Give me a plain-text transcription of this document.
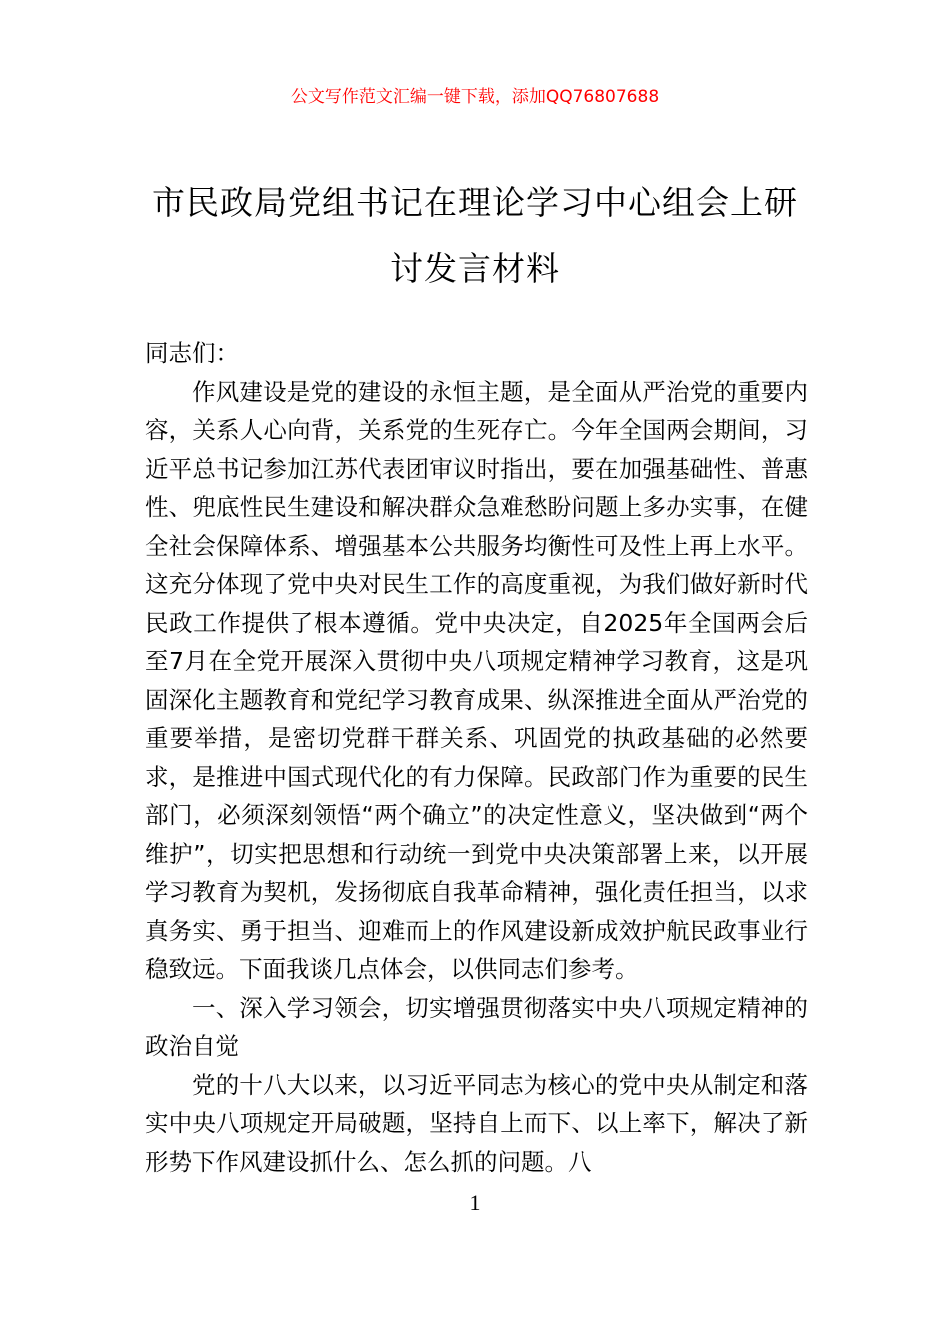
公文写作范文汇编一键下载，添加QQ76807688
市民政局党组书记在理论学习中心组会上研讨发言材料

同志们：

作风建设是党的建设的永恒主题，是全面从严治党的重要内容，关系人心向背，关系党的生死存亡。今年全国两会期间，习近平总书记参加江苏代表团审议时指出，要在加强基础性、普惠性、兜底性民生建设和解决群众急难愁盼问题上多办实事，在健全社会保障体系、增强基本公共服务均衡性可及性上再上水平。这充分体现了党中央对民生工作的高度重视，为我们做好新时代民政工作提供了根本遵循。党中央决定，自2025年全国两会后至7月在全党开展深入贯彻中央八项规定精神学习教育，这是巩固深化主题教育和党纪学习教育成果、纵深推进全面从严治党的重要举措，是密切党群干群关系、巩固党的执政基础的必然要求，是推进中国式现代化的有力保障。民政部门作为重要的民生部门，必须深刻领悟“两个确立”的决定性意义，坚决做到“两个维护”，切实把思想和行动统一到党中央决策部署上来，以开展学习教育为契机，发扬彻底自我革命精神，强化责任担当，以求真务实、勇于担当、迎难而上的作风建设新成效护航民政事业行稳致远。下面我谈几点体会，以供同志们参考。

一、深入学习领会，切实增强贯彻落实中央八项规定精神的政治自觉

党的十八大以来，以习近平同志为核心的党中央从制定和落实中央八项规定开局破题，坚持自上而下、以上率下，解决了新形势下作风建设抓什么、怎么抓的问题。八

1
